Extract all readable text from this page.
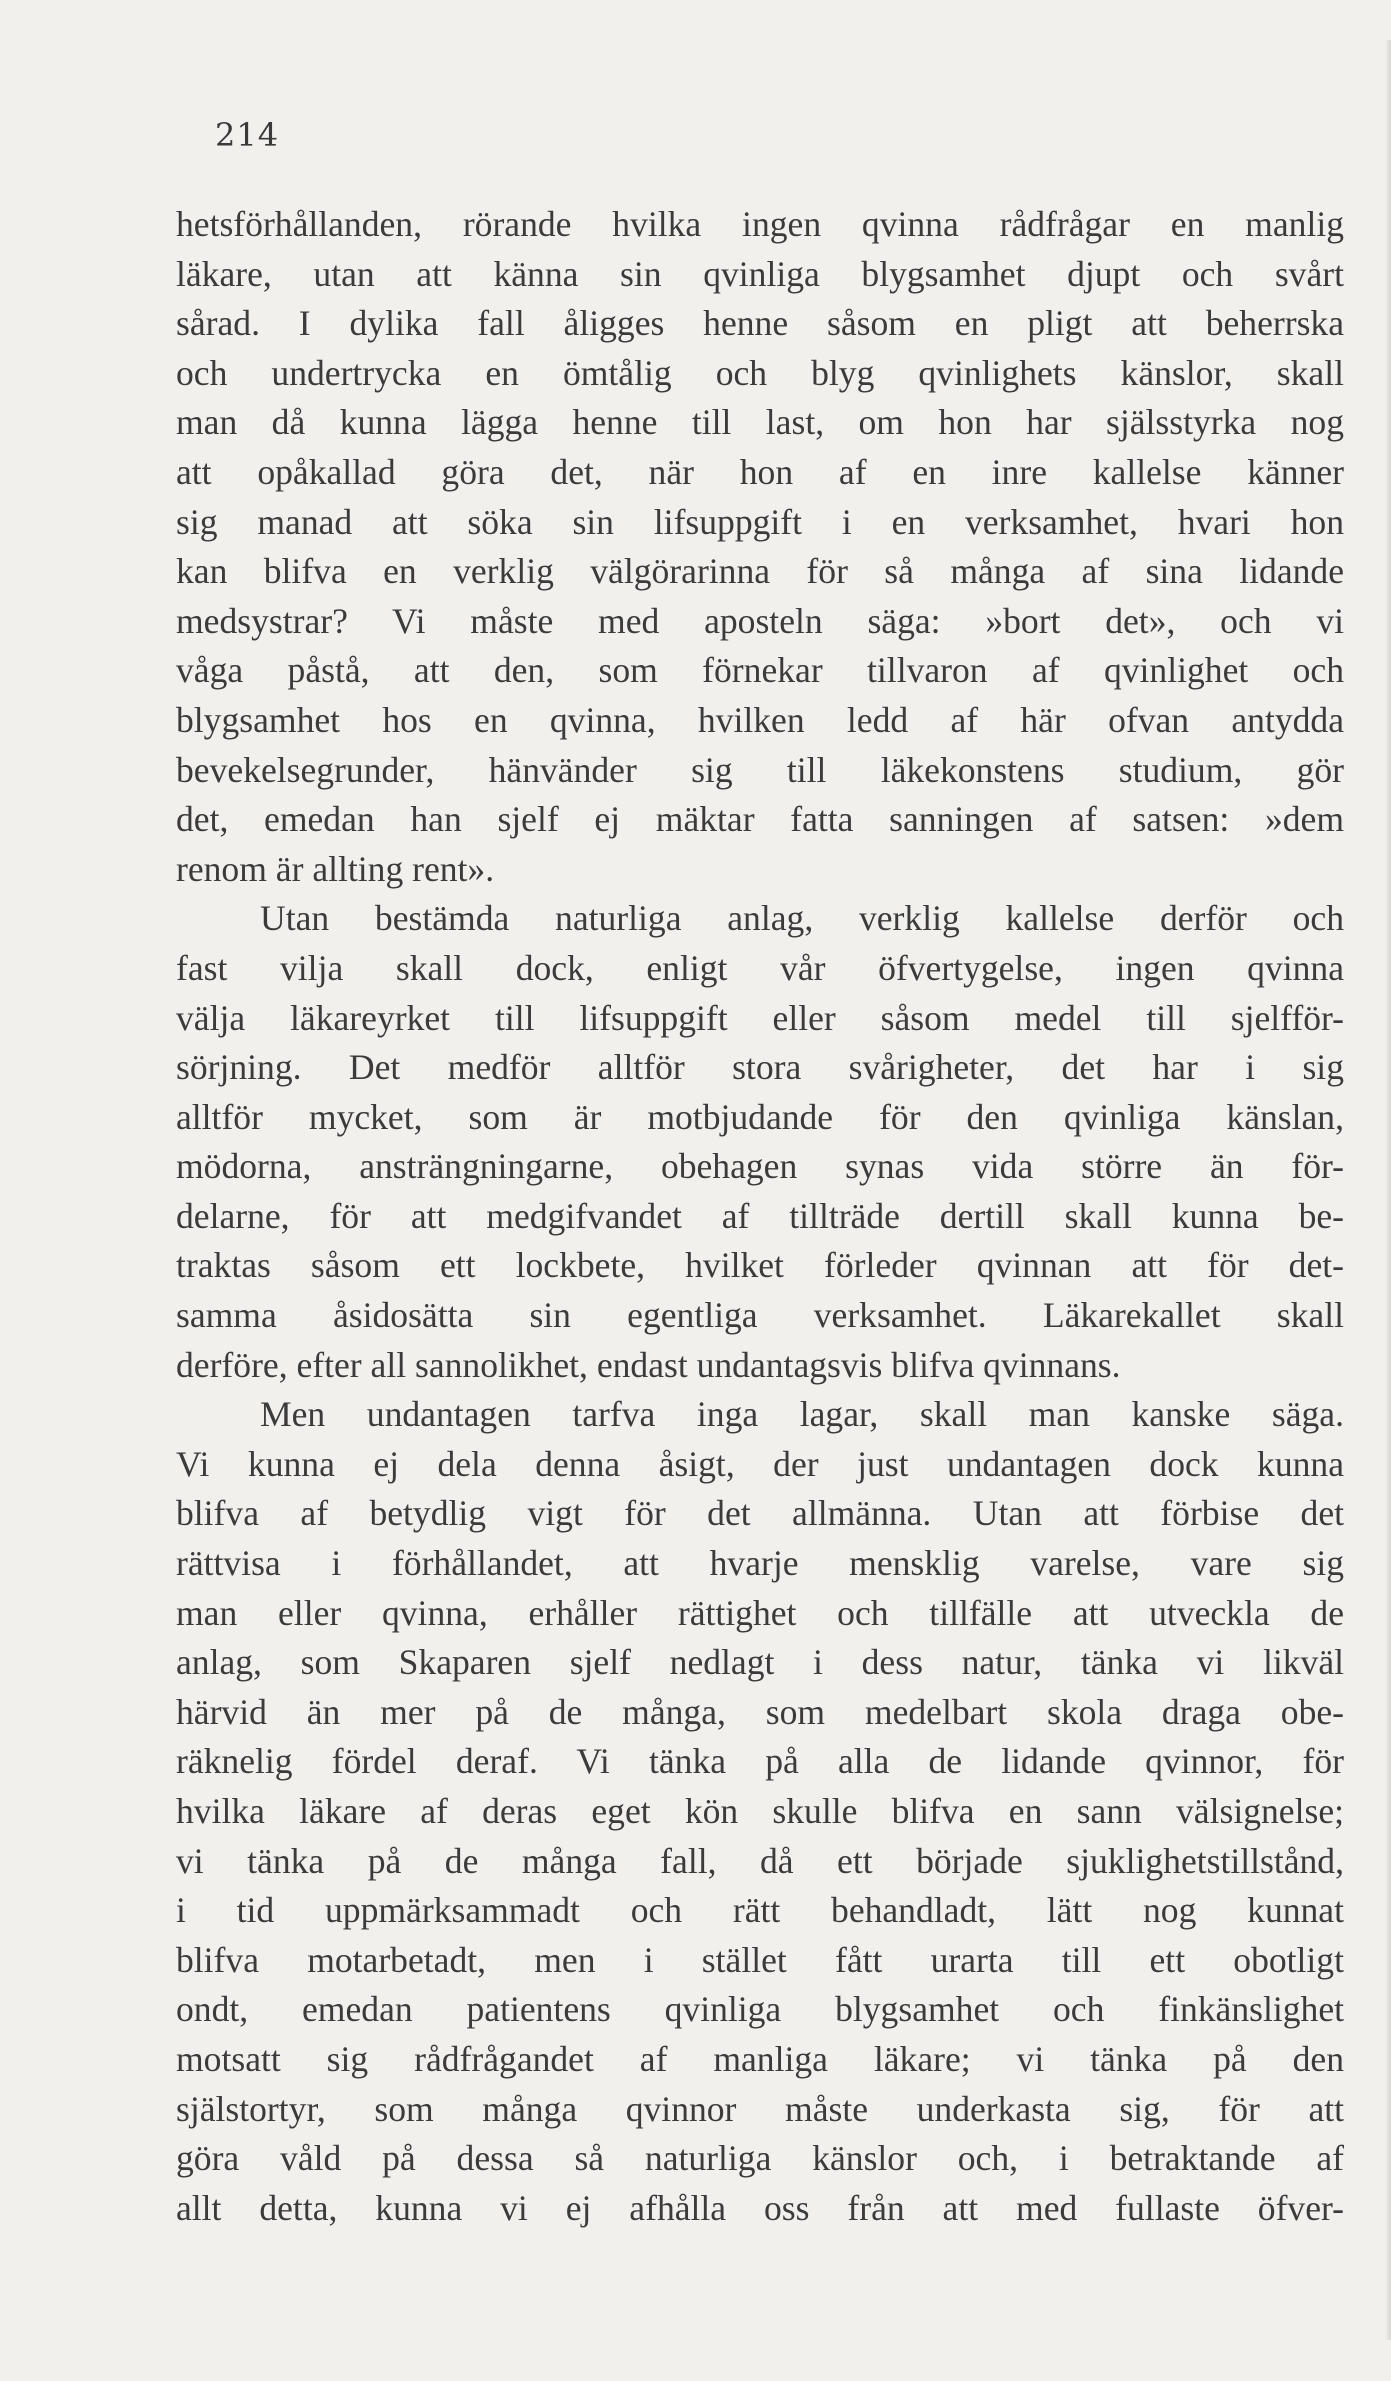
214
hetsförhållanden, rörande hvilka ingen qvinna rådfrågar en manlig
läkare, utan att känna sin qvinliga blygsamhet djupt och svårt
sårad. I dylika fall åligges henne såsom en pligt att beherrska
och undertrycka en ömtålig och blyg qvinlighets känslor, skall
man då kunna lägga henne till last, om hon har själsstyrka nog
att opåkallad göra det, när hon af en inre kallelse känner
sig manad att söka sin lifsuppgift i en verksamhet, hvari hon
kan blifva en verklig välgörarinna för så många af sina lidande
medsystrar? Vi måste med aposteln säga: »bort det», och vi
våga påstå, att den, som förnekar tillvaron af qvinlighet och
blygsamhet hos en qvinna, hvilken ledd af här ofvan antydda
bevekelsegrunder, hänvänder sig till läkekonstens studium, gör
det, emedan han sjelf ej mäktar fatta sanningen af satsen: »dem
renom är allting rent».
Utan bestämda naturliga anlag, verklig kallelse derför och
fast vilja skall dock, enligt vår öfvertygelse, ingen qvinna
välja läkareyrket till lifsuppgift eller såsom medel till sjelfför-
sörjning. Det medför alltför stora svårigheter, det har i sig
alltför mycket, som är motbjudande för den qvinliga känslan,
mödorna, ansträngningarne, obehagen synas vida större än för-
delarne, för att medgifvandet af tillträde dertill skall kunna be-
traktas såsom ett lockbete, hvilket förleder qvinnan att för det-
samma åsidosätta sin egentliga verksamhet. Läkarekallet skall
derföre, efter all sannolikhet, endast undantagsvis blifva qvinnans.
Men undantagen tarfva inga lagar, skall man kanske säga.
Vi kunna ej dela denna åsigt, der just undantagen dock kunna
blifva af betydlig vigt för det allmänna. Utan att förbise det
rättvisa i förhållandet, att hvarje mensklig varelse, vare sig
man eller qvinna, erhåller rättighet och tillfälle att utveckla de
anlag, som Skaparen sjelf nedlagt i dess natur, tänka vi likväl
härvid än mer på de många, som medelbart skola draga obe-
räknelig fördel deraf. Vi tänka på alla de lidande qvinnor, för
hvilka läkare af deras eget kön skulle blifva en sann välsignelse;
vi tänka på de många fall, då ett började sjuklighetstillstånd,
i tid uppmärksammadt och rätt behandladt, lätt nog kunnat
blifva motarbetadt, men i stället fått urarta till ett obotligt
ondt, emedan patientens qvinliga blygsamhet och finkänslighet
motsatt sig rådfrågandet af manliga läkare; vi tänka på den
själstortyr, som många qvinnor måste underkasta sig, för att
göra våld på dessa så naturliga känslor och, i betraktande af
allt detta, kunna vi ej afhålla oss från att med fullaste öfver-
